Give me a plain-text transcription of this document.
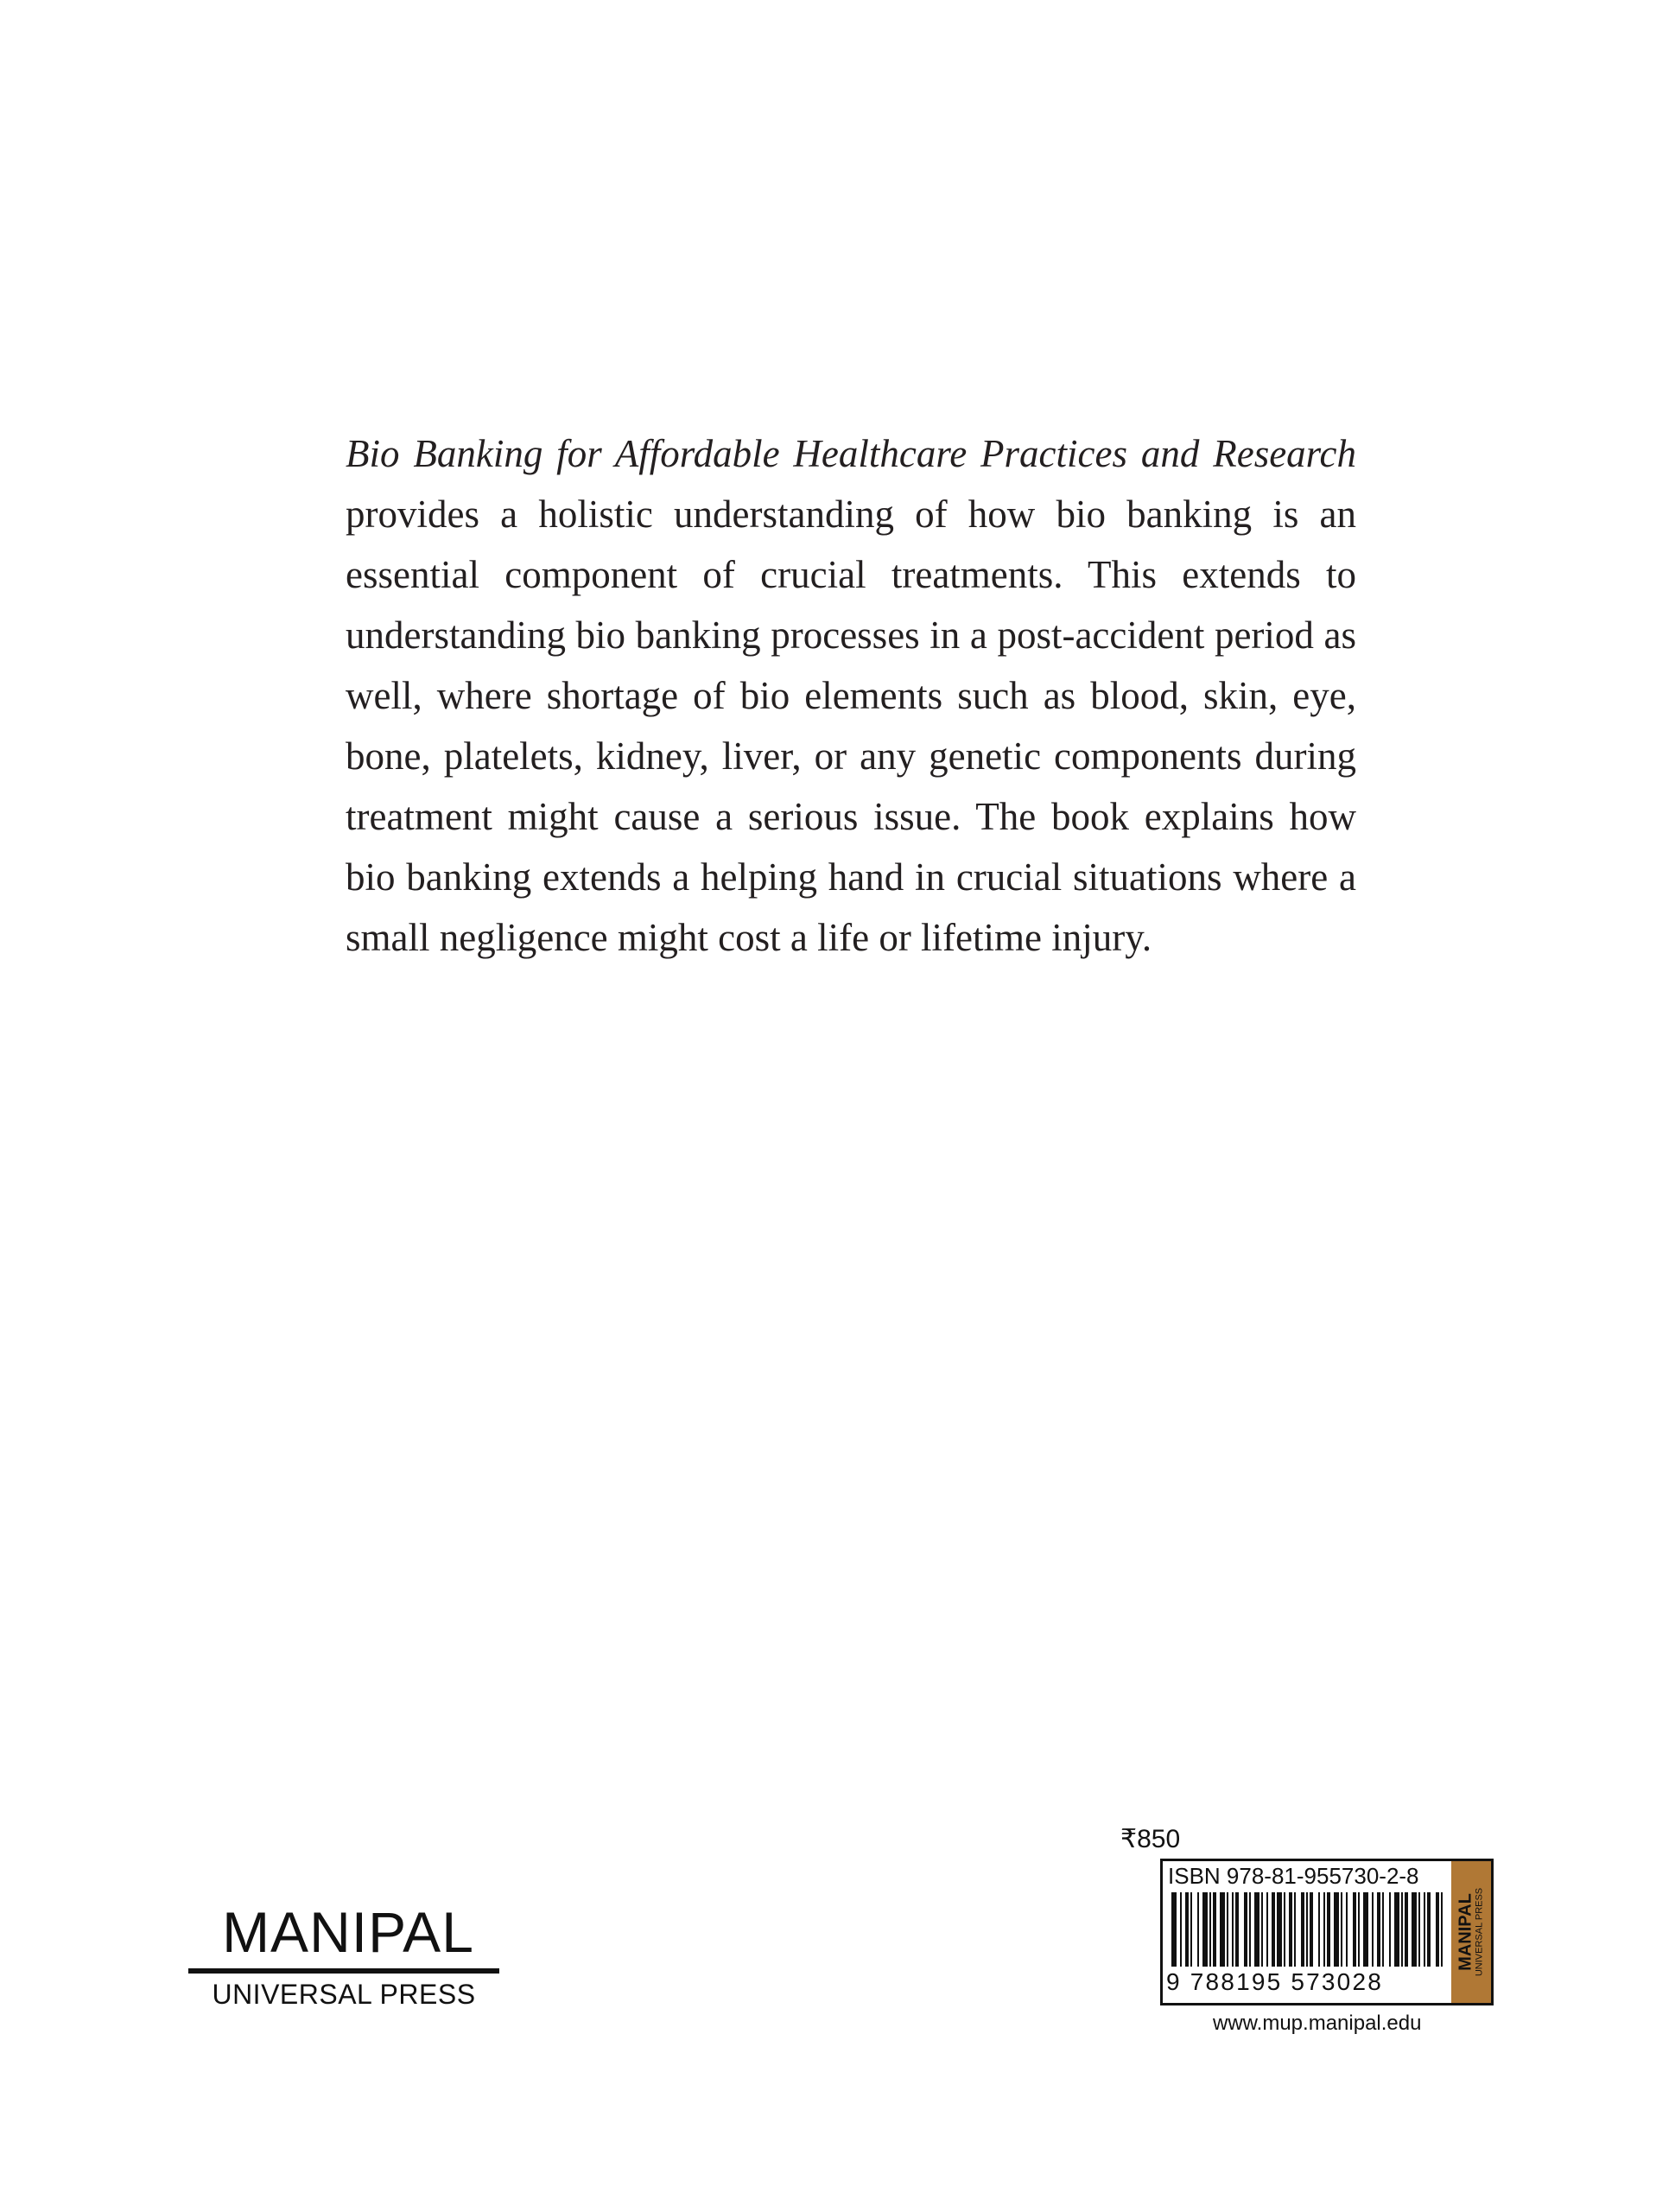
Bio Banking for Affordable Healthcare Practices and Research provides a holistic understanding of how bio banking is an essential component of crucial treatments. This extends to understanding bio banking processes in a post-accident period as well, where shortage of bio elements such as blood, skin, eye, bone, platelets, kidney, liver, or any genetic components during treatment might cause a serious issue. The book explains how bio banking extends a helping hand in crucial situations where a small negligence might cost a life or lifetime injury.

MANIPAL
UNIVERSAL PRESS
₹850
ISBN 978-81-955730-2-8
9 788195 573028
MANIPAL UNIVERSAL PRESS
www.mup.manipal.edu
